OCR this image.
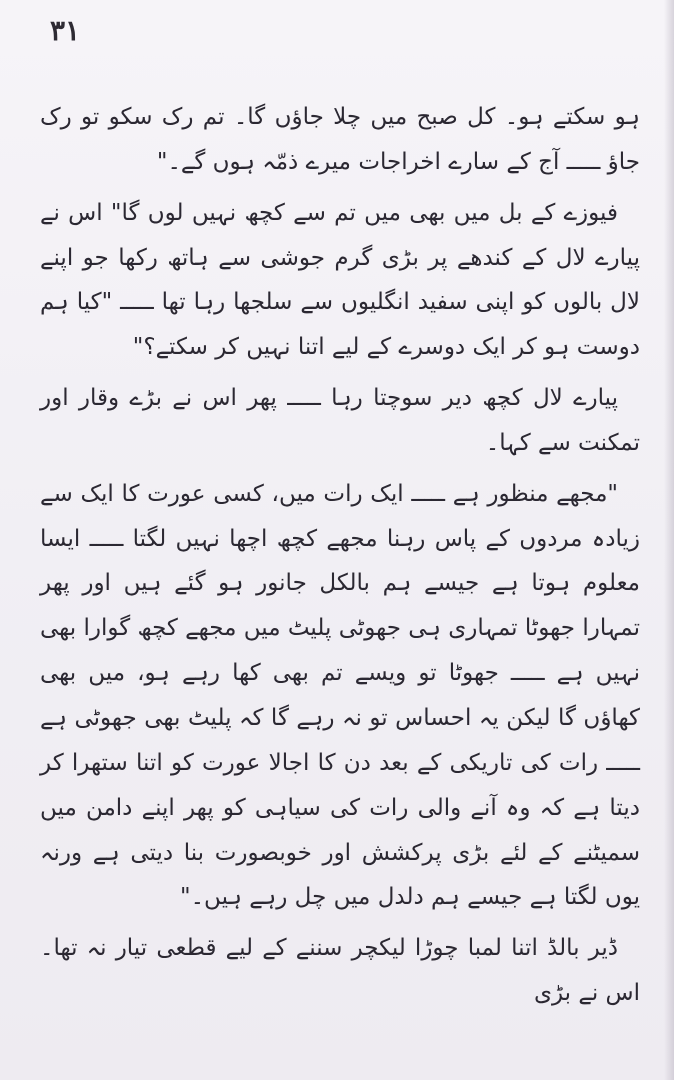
۳۱

ہو سکتے ہو۔ کل صبح میں چلا جاؤں گا۔ تم رک سکو تو رک جاؤ ـــــ آج کے سارے اخراجات میرے ذمّہ ہوں گے۔"

فیوزے کے بل میں بھی میں تم سے کچھ نہیں لوں گا" اس نے پیارے لال کے کندھے پر بڑی گرم جوشی سے ہاتھ رکھا جو اپنے لال بالوں کو اپنی سفید انگلیوں سے سلجھا رہا تھا ـــــ "کیا ہم دوست ہو کر ایک دوسرے کے لیے اتنا نہیں کر سکتے؟"

پیارے لال کچھ دیر سوچتا رہا ـــــ پھر اس نے بڑے وقار اور تمکنت سے کہا۔

"مجھے منظور ہے ـــــ ایک رات میں، کسی عورت کا ایک سے زیادہ مردوں کے پاس رہنا مجھے کچھ اچھا نہیں لگتا ـــــ ایسا معلوم ہوتا ہے جیسے ہم بالکل جانور ہو گئے ہیں اور پھر تمہارا جھوٹا تمہاری ہی جھوٹی پلیٹ میں مجھے کچھ گوارا بھی نہیں ہے ـــــ جھوٹا تو ویسے تم بھی کھا رہے ہو، میں بھی کھاؤں گا لیکن یہ احساس تو نہ رہے گا کہ پلیٹ بھی جھوٹی ہے ـــــ رات کی تاریکی کے بعد دن کا اجالا عورت کو اتنا ستھرا کر دیتا ہے کہ وہ آنے والی رات کی سیاہی کو پھر اپنے دامن میں سمیٹنے کے لئے بڑی پرکشش اور خوبصورت بنا دیتی ہے ورنہ یوں لگتا ہے جیسے ہم دلدل میں چل رہے ہیں۔"

ڈیر بالڈ اتنا لمبا چوڑا لیکچر سننے کے لیے قطعی تیار نہ تھا۔ اس نے بڑی
